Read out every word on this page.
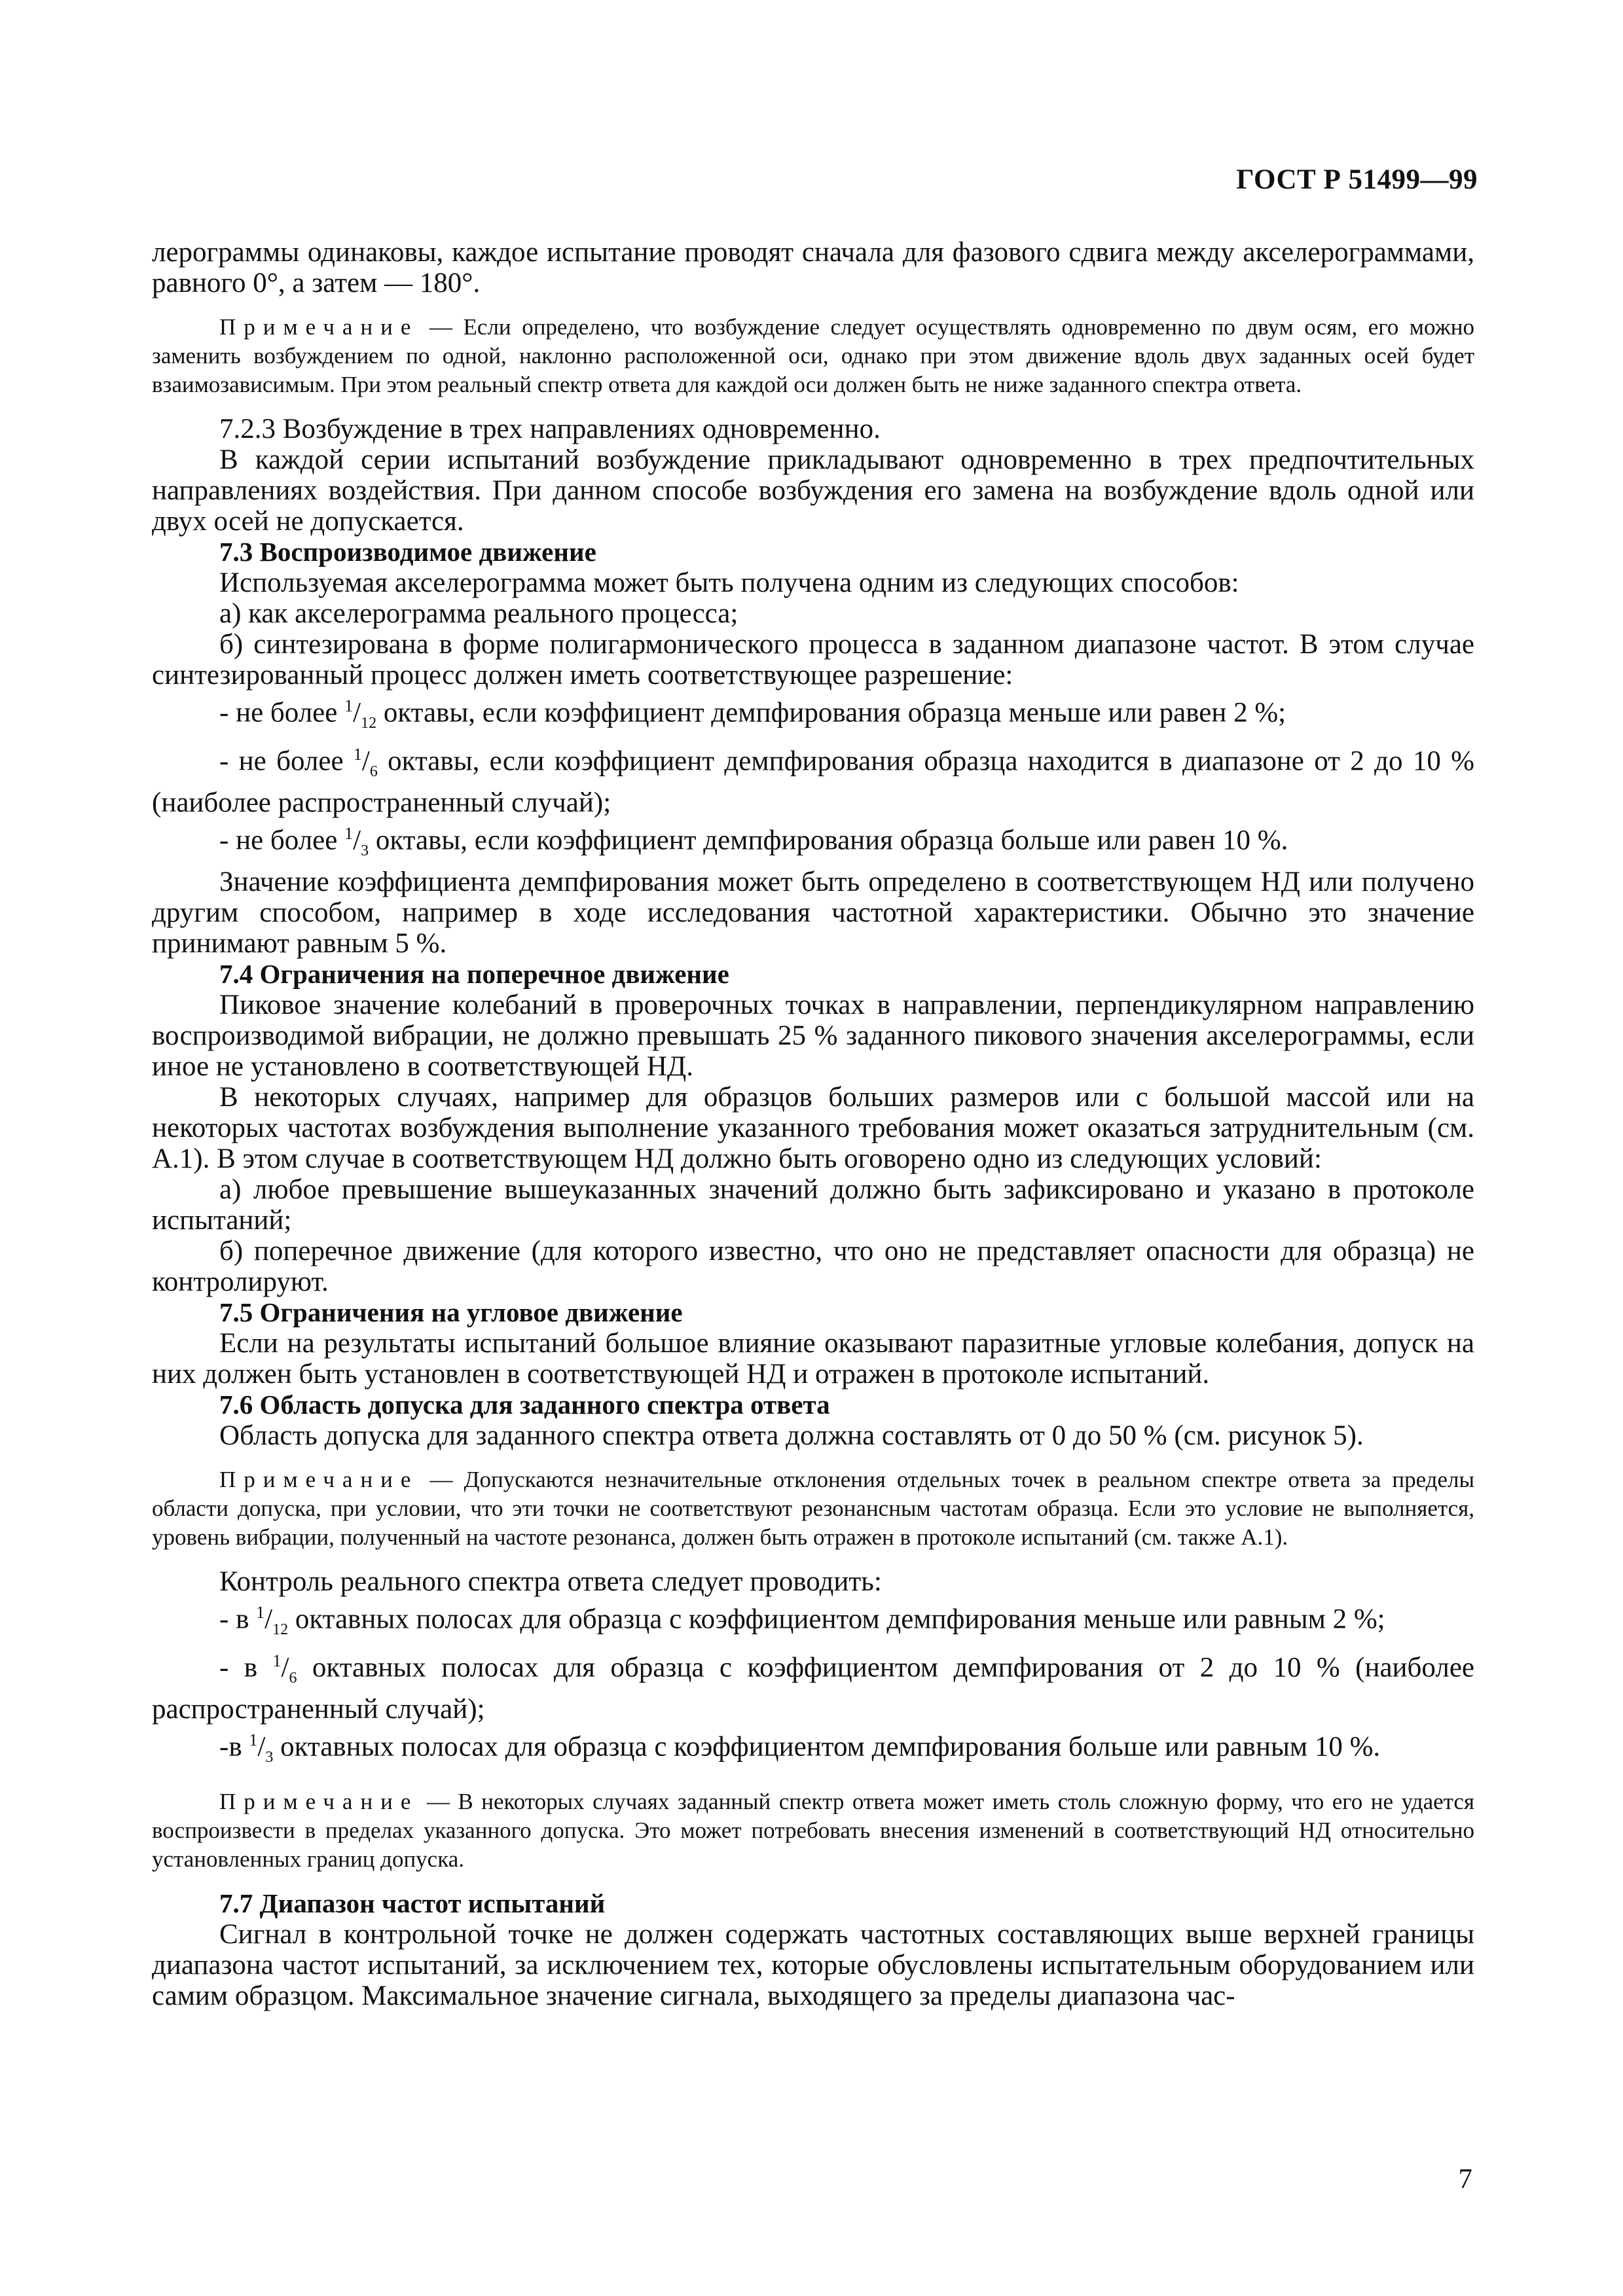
ГОСТ Р 51499—99

лерограммы одинаковы, каждое испытание проводят сначала для фазового сдвига между акселерограммами, равного 0°, а затем — 180°.

Примечание — Если определено, что возбуждение следует осуществлять одновременно по двум осям, его можно заменить возбуждением по одной, наклонно расположенной оси, однако при этом движение вдоль двух заданных осей будет взаимозависимым. При этом реальный спектр ответа для каждой оси должен быть не ниже заданного спектра ответа.

7.2.3 Возбуждение в трех направлениях одновременно.

В каждой серии испытаний возбуждение прикладывают одновременно в трех предпочтительных направлениях воздействия. При данном способе возбуждения его замена на возбуждение вдоль одной или двух осей не допускается.

7.3 Воспроизводимое движение

Используемая акселерограмма может быть получена одним из следующих способов:

а) как акселерограмма реального процесса;

б) синтезирована в форме полигармонического процесса в заданном диапазоне частот. В этом случае синтезированный процесс должен иметь соответствующее разрешение:

- не более $^1/_{12}$ октавы, если коэффициент демпфирования образца меньше или равен 2 %;

- не более $^1/_6$ октавы, если коэффициент демпфирования образца находится в диапазоне от 2 до 10 % (наиболее распространенный случай);

- не более $^1/_3$ октавы, если коэффициент демпфирования образца больше или равен 10 %.

Значение коэффициента демпфирования может быть определено в соответствующем НД или получено другим способом, например в ходе исследования частотной характеристики. Обычно это значение принимают равным 5 %.

7.4 Ограничения на поперечное движение

Пиковое значение колебаний в проверочных точках в направлении, перпендикулярном направлению воспроизводимой вибрации, не должно превышать 25 % заданного пикового значения акселерограммы, если иное не установлено в соответствующей НД.

В некоторых случаях, например для образцов больших размеров или с большой массой или на некоторых частотах возбуждения выполнение указанного требования может оказаться затруднительным (см. А.1). В этом случае в соответствующем НД должно быть оговорено одно из следующих условий:

а) любое превышение вышеуказанных значений должно быть зафиксировано и указано в протоколе испытаний;

б) поперечное движение (для которого известно, что оно не представляет опасности для образца) не контролируют.

7.5 Ограничения на угловое движение

Если на результаты испытаний большое влияние оказывают паразитные угловые колебания, допуск на них должен быть установлен в соответствующей НД и отражен в протоколе испытаний.

7.6 Область допуска для заданного спектра ответа

Область допуска для заданного спектра ответа должна составлять от 0 до 50 % (см. рисунок 5).

Примечание — Допускаются незначительные отклонения отдельных точек в реальном спектре ответа за пределы области допуска, при условии, что эти точки не соответствуют резонансным частотам образца. Если это условие не выполняется, уровень вибрации, полученный на частоте резонанса, должен быть отражен в протоколе испытаний (см. также А.1).

Контроль реального спектра ответа следует проводить:

- в $^1/_{12}$ октавных полосах для образца с коэффициентом демпфирования меньше или равным 2 %;

- в $^1/_6$ октавных полосах для образца с коэффициентом демпфирования от 2 до 10 % (наиболее распространенный случай);

-в $^1/_3$ октавных полосах для образца с коэффициентом демпфирования больше или равным 10 %.

Примечание — В некоторых случаях заданный спектр ответа может иметь столь сложную форму, что его не удается воспроизвести в пределах указанного допуска. Это может потребовать внесения изменений в соответствующий НД относительно установленных границ допуска.

7.7 Диапазон частот испытаний

Сигнал в контрольной точке не должен содержать частотных составляющих выше верхней границы диапазона частот испытаний, за исключением тех, которые обусловлены испытательным оборудованием или самим образцом. Максимальное значение сигнала, выходящего за пределы диапазона час-

7
